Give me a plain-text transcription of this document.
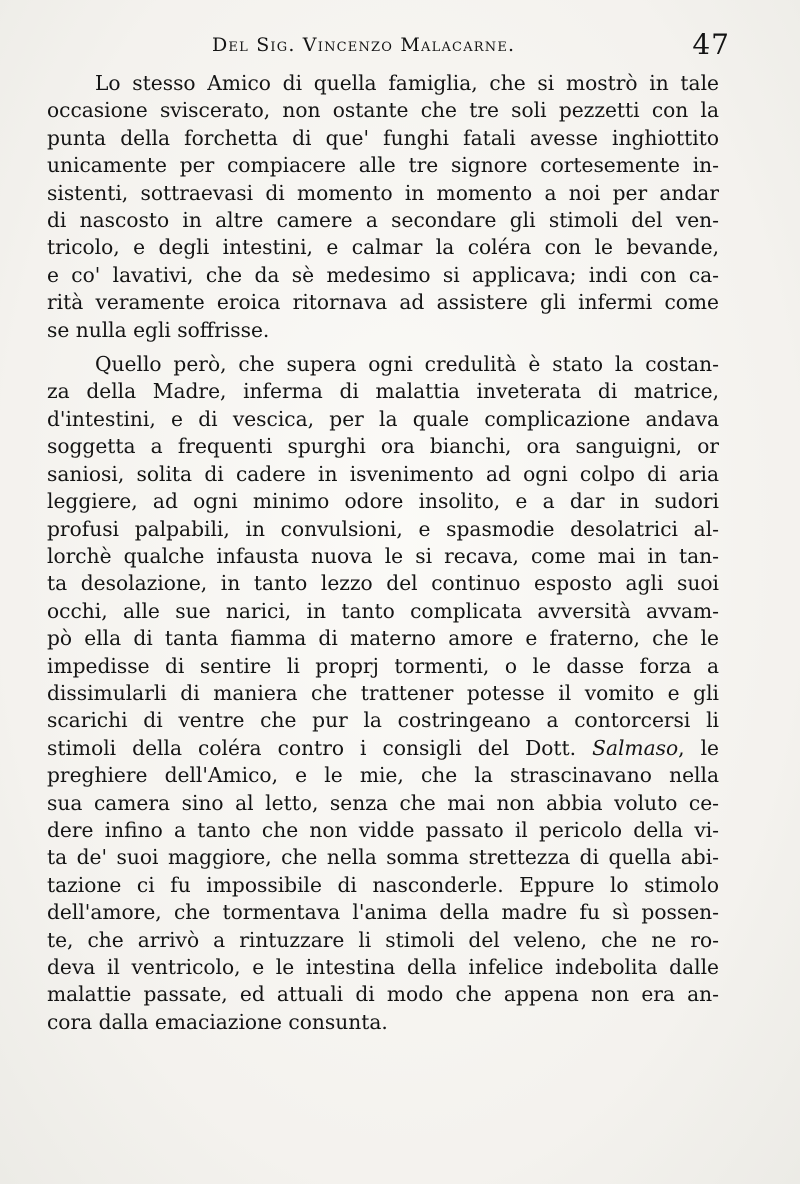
Del Sig. Vincenzo Malacarne.	47

Lo stesso Amico di quella famiglia, che si mostrò in tale
occasione sviscerato, non ostante che tre soli pezzetti con la
punta della forchetta di que' funghi fatali avesse inghiottito
unicamente per compiacere alle tre signore cortesemente in-
sistenti, sottraevasi di momento in momento a noi per andar
di nascosto in altre camere a secondare gli stimoli del ven-
tricolo, e degli intestini, e calmar la coléra con le bevande,
e co' lavativi, che da sè medesimo si applicava; indi con ca-
rità veramente eroica ritornava ad assistere gli infermi come
se nulla egli soffrisse.

Quello però, che supera ogni credulità è stato la costan-
za della Madre, inferma di malattia inveterata di matrice,
d'intestini, e di vescica, per la quale complicazione andava
soggetta a frequenti spurghi ora bianchi, ora sanguigni, or
saniosi, solita di cadere in isvenimento ad ogni colpo di aria
leggiere, ad ogni minimo odore insolito, e a dar in sudori
profusi palpabili, in convulsioni, e spasmodie desolatrici al-
lorchè qualche infausta nuova le si recava, come mai in tan-
ta desolazione, in tanto lezzo del continuo esposto agli suoi
occhi, alle sue narici, in tanto complicata avversità avvam-
pò ella di tanta fiamma di materno amore e fraterno, che le
impedisse di sentire li proprj tormenti, o le dasse forza a
dissimularli di maniera che trattener potesse il vomito e gli
scarichi di ventre che pur la costringeano a contorcersi li
stimoli della coléra contro i consigli del Dott. Salmaso, le
preghiere dell'Amico, e le mie, che la strascinavano nella
sua camera sino al letto, senza che mai non abbia voluto ce-
dere infino a tanto che non vidde passato il pericolo della vi-
ta de' suoi maggiore, che nella somma strettezza di quella abi-
tazione ci fu impossibile di nasconderle. Eppure lo stimolo
dell'amore, che tormentava l'anima della madre fu sì possen-
te, che arrivò a rintuzzare li stimoli del veleno, che ne ro-
deva il ventricolo, e le intestina della infelice indebolita dalle
malattie passate, ed attuali di modo che appena non era an-
cora dalla emaciazione consunta.
